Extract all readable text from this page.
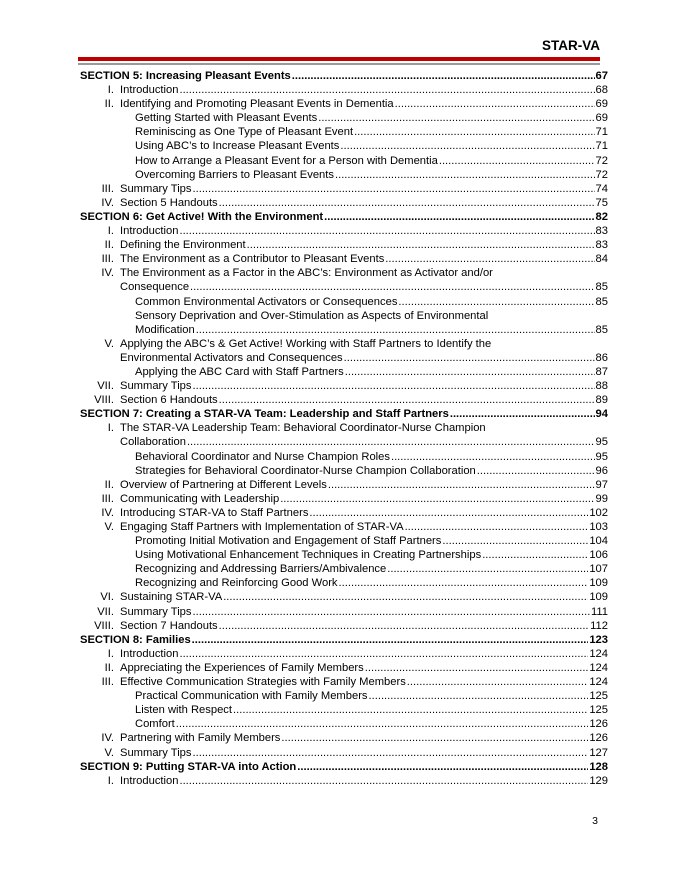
STAR-VA
SECTION 5: Increasing Pleasant Events .....	67
I. Introduction .....	68
II. Identifying and Promoting Pleasant Events in Dementia .....	69
Getting Started with Pleasant Events .....	69
Reminiscing as One Type of Pleasant Event .....	71
Using ABC’s to Increase Pleasant Events .....	71
How to Arrange a Pleasant Event for a Person with Dementia .....	72
Overcoming Barriers to Pleasant Events .....	72
III. Summary Tips .....	74
IV. Section 5 Handouts .....	75
SECTION 6: Get Active! With the Environment .....	82
I. Introduction .....	83
II. Defining the Environment .....	83
III. The Environment as a Contributor to Pleasant Events .....	84
IV. The Environment as a Factor in the ABC’s: Environment as Activator and/or
Consequence .....	85
Common Environmental Activators or Consequences .....	85
Sensory Deprivation and Over-Stimulation as Aspects of Environmental
Modification .....	85
V. Applying the ABC’s & Get Active! Working with Staff Partners to Identify the
Environmental Activators and Consequences .....	86
Applying the ABC Card with Staff Partners .....	87
VII. Summary Tips .....	88
VIII. Section 6 Handouts .....	89
SECTION 7: Creating a STAR-VA Team: Leadership and Staff Partners .....	94
I. The STAR-VA Leadership Team: Behavioral Coordinator-Nurse Champion
Collaboration .....	95
Behavioral Coordinator and Nurse Champion Roles .....	95
Strategies for Behavioral Coordinator-Nurse Champion Collaboration .....	96
II. Overview of Partnering at Different Levels .....	97
III. Communicating with Leadership .....	99
IV. Introducing STAR-VA to Staff Partners .....	102
V. Engaging Staff Partners with Implementation of STAR-VA .....	103
Promoting Initial Motivation and Engagement of Staff Partners .....	104
Using Motivational Enhancement Techniques in Creating Partnerships .....	106
Recognizing and Addressing Barriers/Ambivalence .....	107
Recognizing and Reinforcing Good Work .....	109
VI. Sustaining STAR-VA .....	109
VII. Summary Tips .....	111
VIII. Section 7 Handouts .....	112
SECTION 8: Families .....	123
I. Introduction .....	124
II. Appreciating the Experiences of Family Members .....	124
III. Effective Communication Strategies with Family Members .....	124
Practical Communication with Family Members .....	125
Listen with Respect .....	125
Comfort .....	126
IV. Partnering with Family Members .....	126
V. Summary Tips .....	127
SECTION 9: Putting STAR-VA into Action .....	128
I. Introduction .....	129
3
